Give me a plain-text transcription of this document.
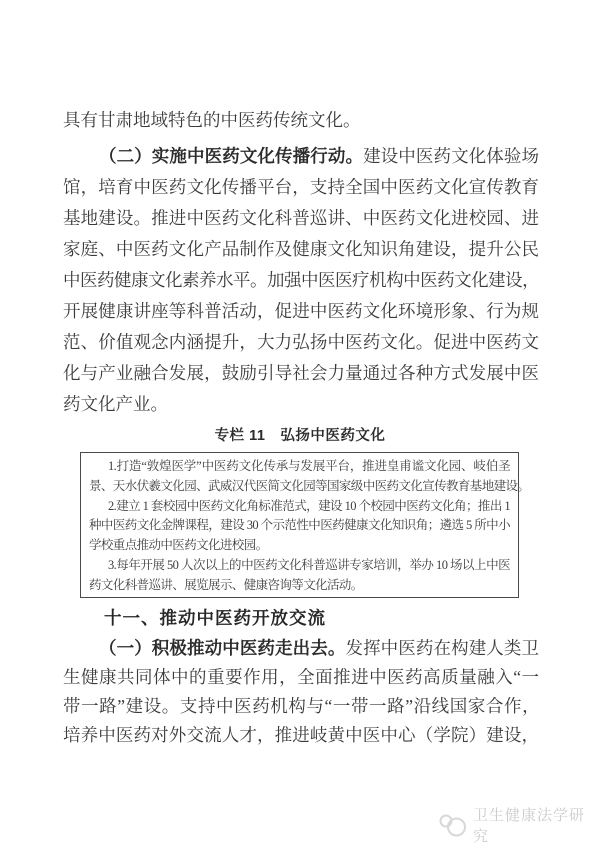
具有甘肃地域特色的中医药传统文化。
（二）实施中医药文化传播行动。建设中医药文化体验场
馆，培育中医药文化传播平台，支持全国中医药文化宣传教育
基地建设。推进中医药文化科普巡讲、中医药文化进校园、进
家庭、中医药文化产品制作及健康文化知识角建设，提升公民
中医药健康文化素养水平。加强中医医疗机构中医药文化建设，
开展健康讲座等科普活动，促进中医药文化环境形象、行为规
范、价值观念内涵提升，大力弘扬中医药文化。促进中医药文
化与产业融合发展，鼓励引导社会力量通过各种方式发展中医
药文化产业。
专栏 11　弘扬中医药文化
1.打造“敦煌医学”中医药文化传承与发展平台，推进皇甫谧文化园、岐伯圣
景、天水伏羲文化园、武威汉代医简文化园等国家级中医药文化宣传教育基地建设。
2.建立 1 套校园中医药文化角标准范式，建设 10 个校园中医药文化角；推出 1
种中医药文化金牌课程，建设 30 个示范性中医药健康文化知识角；遴选 5 所中小
学校重点推动中医药文化进校园。
3.每年开展 50 人次以上的中医药文化科普巡讲专家培训，举办 10 场以上中医
药文化科普巡讲、展览展示、健康咨询等文化活动。
十一、推动中医药开放交流
（一）积极推动中医药走出去。发挥中医药在构建人类卫
生健康共同体中的重要作用，全面推进中医药高质量融入“一
带一路”建设。支持中医药机构与“一带一路”沿线国家合作，
培养中医药对外交流人才，推进岐黄中医中心（学院）建设，
卫生健康法学研究
